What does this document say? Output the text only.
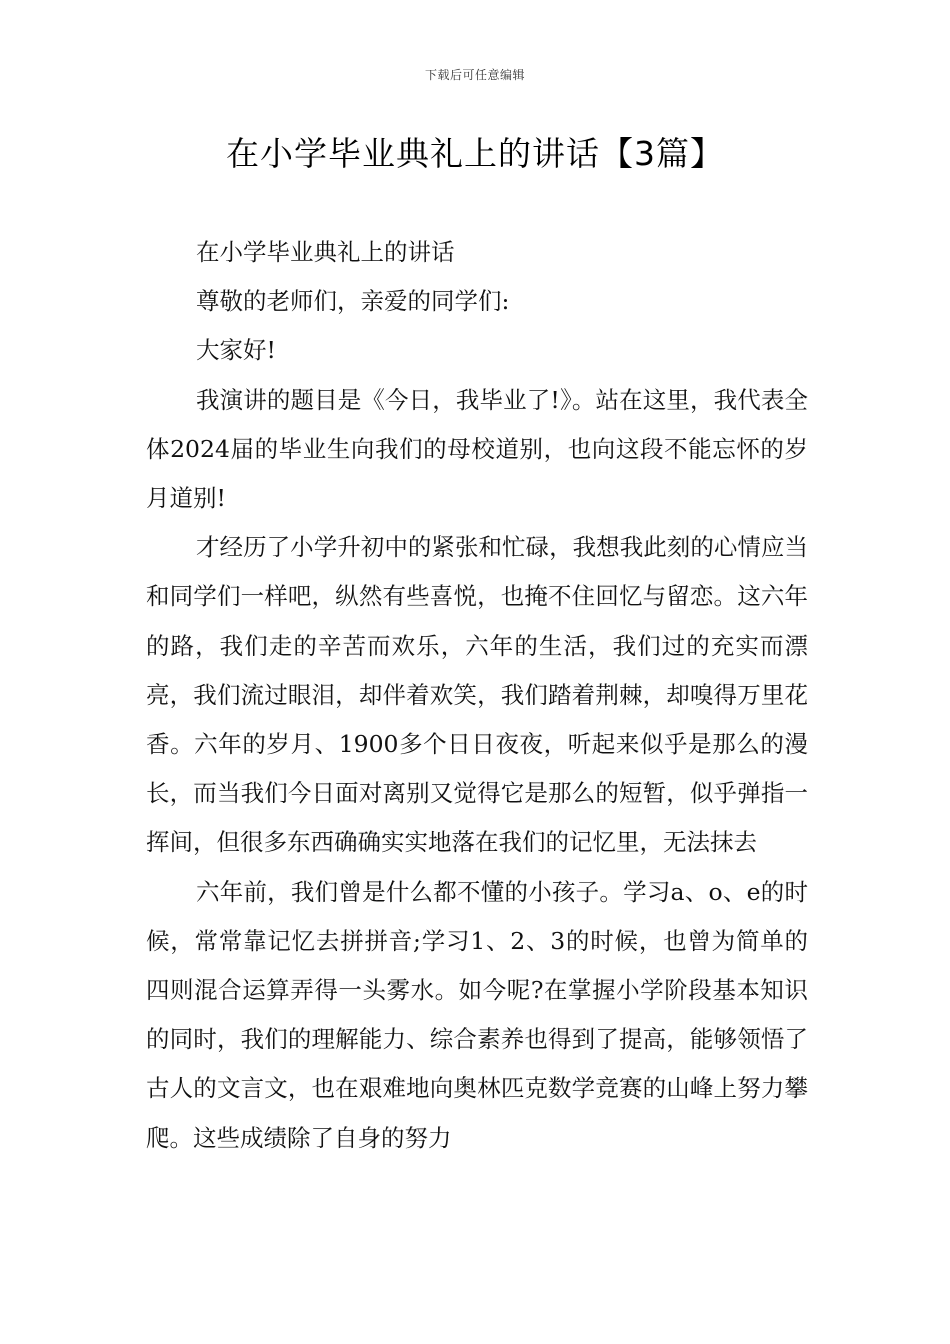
下载后可任意编辑
在小学毕业典礼上的讲话【3篇】

在小学毕业典礼上的讲话

尊敬的老师们，亲爱的同学们:

大家好!

我演讲的题目是《今日，我毕业了!》。站在这里，我代表全体2024届的毕业生向我们的母校道别，也向这段不能忘怀的岁月道别!

才经历了小学升初中的紧张和忙碌，我想我此刻的心情应当和同学们一样吧，纵然有些喜悦，也掩不住回忆与留恋。这六年的路，我们走的辛苦而欢乐，六年的生活，我们过的充实而漂亮，我们流过眼泪，却伴着欢笑，我们踏着荆棘，却嗅得万里花香。六年的岁月、1900多个日日夜夜，听起来似乎是那么的漫长，而当我们今日面对离别又觉得它是那么的短暂，似乎弹指一挥间，但很多东西确确实实地落在我们的记忆里，无法抹去

六年前，我们曾是什么都不懂的小孩子。学习a、o、e的时候，常常靠记忆去拼拼音;学习1、2、3的时候，也曾为简单的四则混合运算弄得一头雾水。如今呢?在掌握小学阶段基本知识的同时，我们的理解能力、综合素养也得到了提高，能够领悟了古人的文言文，也在艰难地向奥林匹克数学竞赛的山峰上努力攀爬。这些成绩除了自身的努力
